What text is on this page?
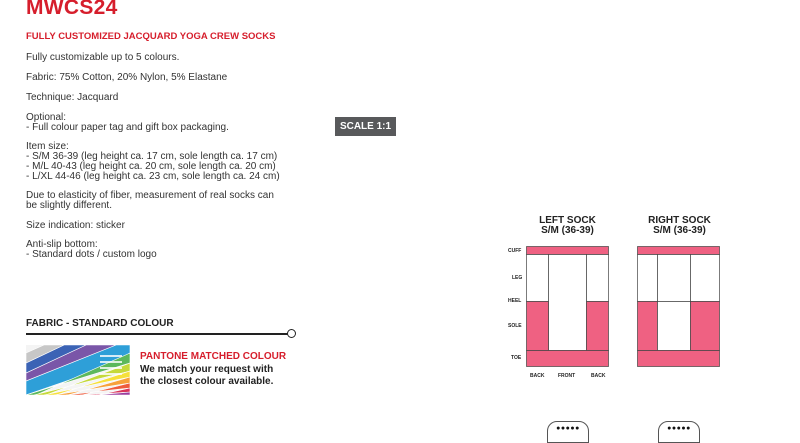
MWCS24
FULLY CUSTOMIZED JACQUARD YOGA CREW SOCKS
Fully customizable up to 5 colours.
Fabric: 75% Cotton, 20% Nylon, 5% Elastane
Technique: Jacquard
Optional:
- Full colour paper tag and gift box packaging.
Item size:
- S/M 36-39 (leg height ca. 17 cm, sole length ca. 17 cm)
- M/L 40-43 (leg height ca. 20 cm, sole length ca. 20 cm)
- L/XL 44-46 (leg height ca. 23 cm, sole length ca. 24 cm)
Due to elasticity of fiber, measurement of real socks can
be slightly different.
Size indication: sticker
Anti-slip bottom:
- Standard dots / custom logo
SCALE 1:1
FABRIC - STANDARD COLOUR
PANTONE MATCHED COLOUR
We match your request with
the closest colour available.
LEFT SOCK
S/M (36-39)
CUFF
LEG
HEEL
SOLE
TOE
BACK	FRONT	BACK
RIGHT SOCK
S/M (36-39)
●●●●●	●●●●●
